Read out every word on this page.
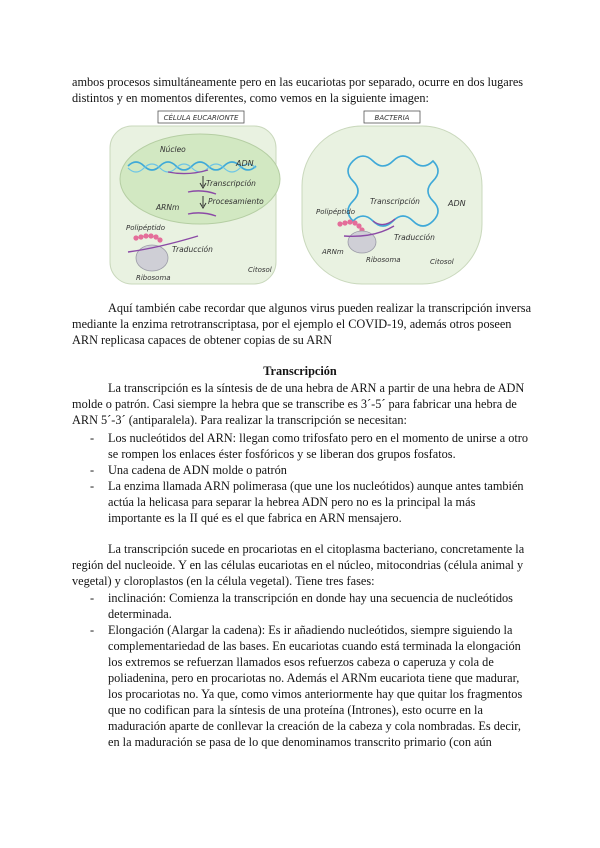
ambos procesos simultáneamente pero en las eucariotas por separado, ocurre en dos lugares
distintos y en momentos diferentes, como vemos en la siguiente imagen:
CÉLULA EUCARIONTE
Núcleo
ADN
Transcripción
Procesamiento
ARNm
Polipéptido
Traducción
Ribosoma
Citosol
BACTERIA
Transcripción	ADN
Polipéptido
Traducción
ARNm
Ribosoma	Citosol
Aquí también cabe recordar que algunos virus pueden realizar la transcripción inversa
mediante la enzima retrotranscriptasa, por el ejemplo el COVID-19, además otros poseen
ARN replicasa capaces de obtener copias de su ARN
Transcripción
La transcripción es la síntesis de de una hebra de ARN a partir de una hebra de ADN
molde o patrón. Casi siempre la hebra que se transcribe es 3´-5´ para fabricar una hebra de
ARN 5´-3´ (antiparalela). Para realizar la transcripción se necesitan:
- Los nucleótidos del ARN: llegan como trifosfato pero en el momento de unirse a otro
se rompen los enlaces éster fosfóricos y se liberan dos grupos fosfatos.
- Una cadena de ADN molde o patrón
- La enzima llamada ARN polimerasa (que une los nucleótidos) aunque antes también
actúa la helicasa para separar la hebrea ADN pero no es la principal la más
importante es la II qué es el que fabrica en ARN mensajero.
La transcripción sucede en procariotas en el citoplasma bacteriano, concretamente la
región del nucleoide. Y en las células eucariotas en el núcleo, mitocondrias (célula animal y
vegetal) y cloroplastos (en la célula vegetal). Tiene tres fases:
- inclinación: Comienza la transcripción en donde hay una secuencia de nucleótidos
determinada.
- Elongación (Alargar la cadena): Es ir añadiendo nucleótidos, siempre siguiendo la
complementariedad de las bases. En eucariotas cuando está terminada la elongación
los extremos se refuerzan llamados esos refuerzos cabeza o caperuza y cola de
poliadenina, pero en procariotas no. Además el ARNm eucariota tiene que madurar,
los procariotas no. Ya que, como vimos anteriormente hay que quitar los fragmentos
que no codifican para la síntesis de una proteína (Intrones), esto ocurre en la
maduración aparte de conllevar la creación de la cabeza y cola nombradas. Es decir,
en la maduración se pasa de lo que denominamos transcrito primario (con aún
